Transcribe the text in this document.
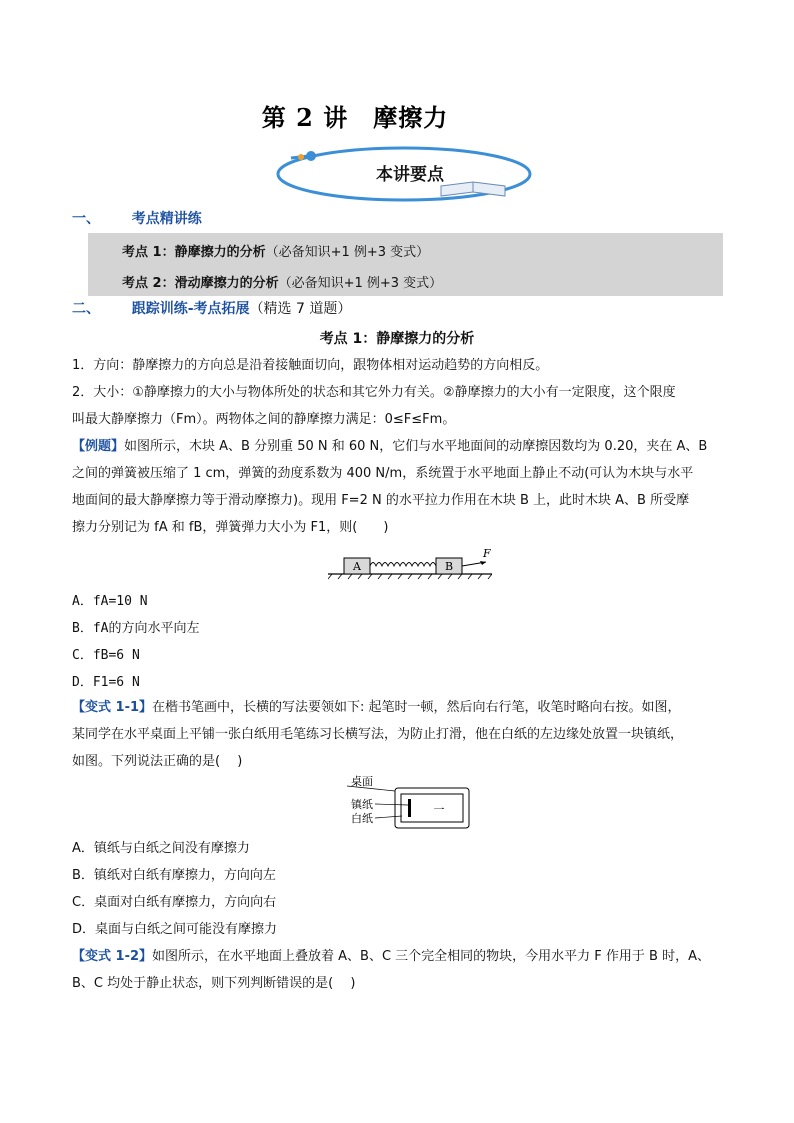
第 2 讲　摩擦力
本讲要点
一、 考点精讲练
考点 1：静摩擦力的分析（必备知识+1 例+3 变式）
考点 2：滑动摩擦力的分析（必备知识+1 例+3 变式）
二、 跟踪训练-考点拓展（精选 7 道题）
考点 1：静摩擦力的分析
1．方向：静摩擦力的方向总是沿着接触面切向，跟物体相对运动趋势的方向相反。
2．大小：①静摩擦力的大小与物体所处的状态和其它外力有关。②静摩擦力的大小有一定限度，这个限度
叫最大静摩擦力（Fm）。两物体之间的静摩擦力满足：0≤F≤Fm。
【例题】如图所示，木块 A、B 分别重 50 N 和 60 N，它们与水平地面间的动摩擦因数均为 0.20，夹在 A、B
之间的弹簧被压缩了 1 cm，弹簧的劲度系数为 400 N/m，系统置于水平地面上静止不动(可认为木块与水平
地面间的最大静摩擦力等于滑动摩擦力)。现用 F=2 N 的水平拉力作用在木块 B 上，此时木块 A、B 所受摩
擦力分别记为 fA 和 fB，弹簧弹力大小为 F1，则(　　)
A	B
F
A．fA=10 N
B．fA的方向水平向左
C．fB=6 N
D．F1=6 N
【变式 1-1】在楷书笔画中，长横的写法要领如下: 起笔时一顿，然后向右行笔，收笔时略向右按。如图，
某同学在水平桌面上平铺一张白纸用毛笔练习长横写法，为防止打滑，他在白纸的左边缘处放置一块镇纸，
如图。下列说法正确的是(　 )
桌面
镇纸
白纸
一
A．镇纸与白纸之间没有摩擦力
B．镇纸对白纸有摩擦力，方向向左
C．桌面对白纸有摩擦力，方向向右
D．桌面与白纸之间可能没有摩擦力
【变式 1-2】如图所示，在水平地面上叠放着 A、B、C 三个完全相同的物块，今用水平力 F 作用于 B 时，A、
B、C 均处于静止状态，则下列判断错误的是(　 )
